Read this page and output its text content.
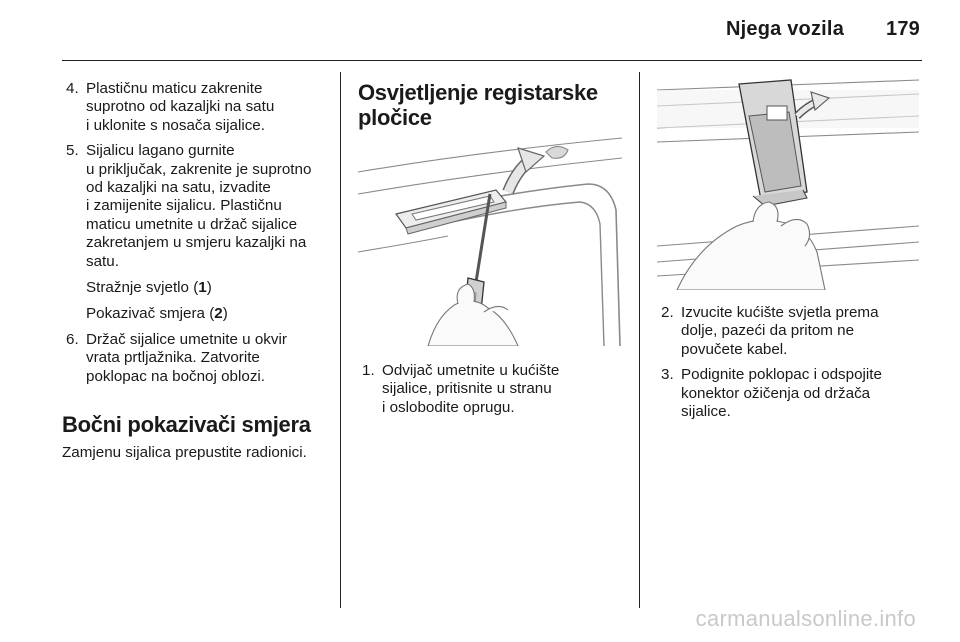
Njega vozila 179
4. Plastičnu maticu zakrenite
suprotno od kazaljki na satu
i uklonite s nosača sijalice.
5. Sijalicu lagano gurnite
u priključak, zakrenite je suprotno
od kazaljki na satu, izvadite
i zamijenite sijalicu. Plastičnu
maticu umetnite u držač sijalice
zakretanjem u smjeru kazaljki na
satu.
Stražnje svjetlo (1)
Pokazivač smjera (2)
6. Držač sijalice umetnite u okvir
vrata prtljažnika. Zatvorite
poklopac na bočnoj oblozi.
Bočni pokazivači smjera
Zamjenu sijalica prepustite radionici.
Osvjetljenje registarske
pločice
1. Odvijač umetnite u kućište
sijalice, pritisnite u stranu
i oslobodite oprugu.
2. Izvucite kućište svjetla prema
dolje, pazeći da pritom ne
povučete kabel.
3. Podignite poklopac i odspojite
konektor ožičenja od držača
sijalice.
carmanualsonline.info
